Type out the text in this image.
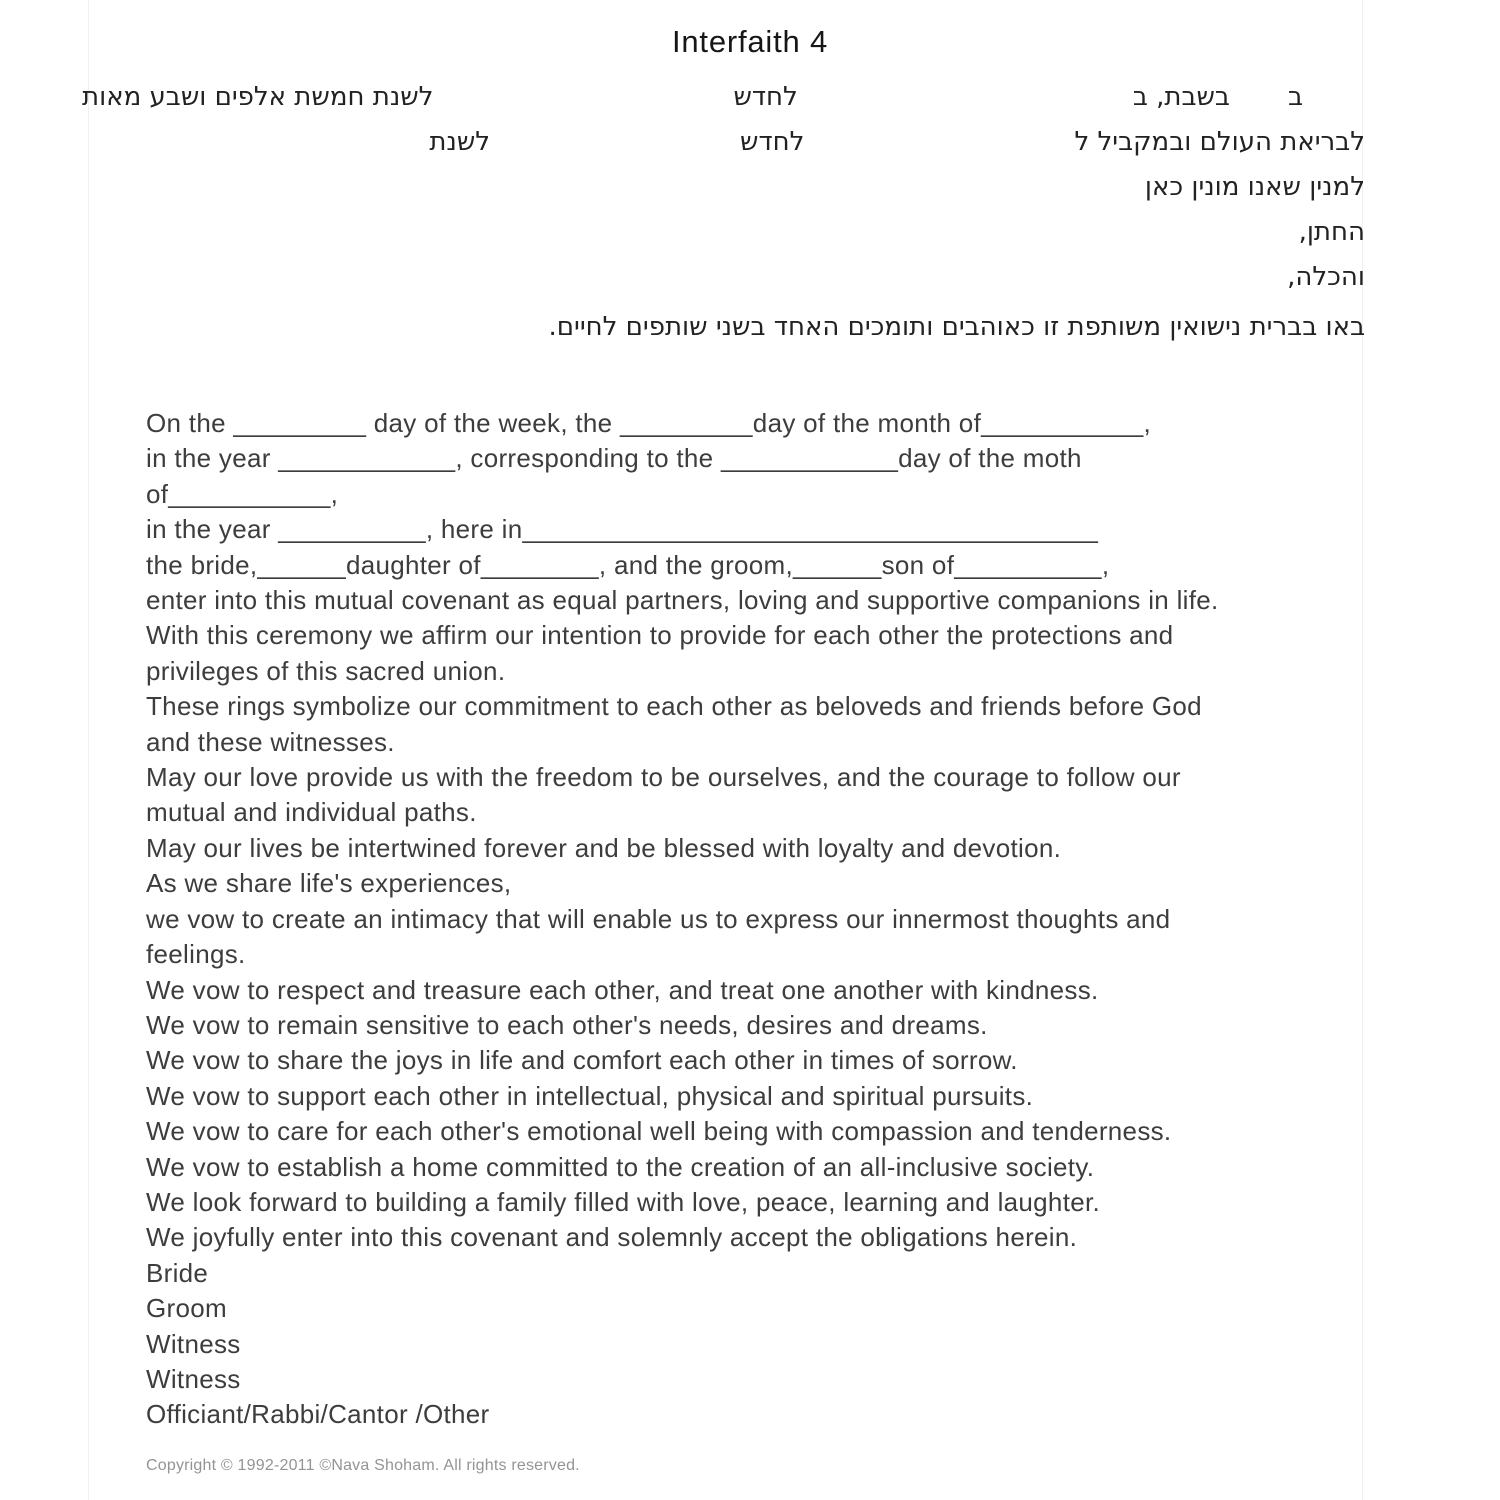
Interfaith 4
ב
בשבת, ב
לחדש
לשנת חמשת אלפים ושבע מאות
לבריאת העולם ובמקביל ל
לחדש
לשנת
למנין שאנו מונין כאן
החתן,
והכלה,
באו בברית נישואין משותפת זו כאוהבים ותומכים האחד בשני שותפים לחיים.
On the _________ day of the week, the _________day of the month of___________,
in the year ____________, corresponding to the ____________day of the moth
of___________,
in the year __________, here in_______________________________________
the bride,______daughter of________, and the groom,______son of__________,
enter into this mutual covenant as equal partners, loving and supportive companions in life.
With this ceremony we affirm our intention to provide for each other the protections and
privileges of this sacred union.
These rings symbolize our commitment to each other as beloveds and friends before God
and these witnesses.
May our love provide us with the freedom to be ourselves, and the courage to follow our
mutual and individual paths.
May our lives be intertwined forever and be blessed with loyalty and devotion.
As we share life's experiences,
we vow to create an intimacy that will enable us to express our innermost thoughts and
feelings.
We vow to respect and treasure each other, and treat one another with kindness.
We vow to remain sensitive to each other's needs, desires and dreams.
We vow to share the joys in life and comfort each other in times of sorrow.
We vow to support each other in intellectual, physical and spiritual pursuits.
We vow to care for each other's emotional well being with compassion and tenderness.
We vow to establish a home committed to the creation of an all-inclusive society.
We look forward to building a family filled with love, peace, learning and laughter.
We joyfully enter into this covenant and solemnly accept the obligations herein.
Bride
Groom
Witness
Witness
Officiant/Rabbi/Cantor /Other
Copyright © 1992-2011 ©Nava Shoham. All rights reserved.
